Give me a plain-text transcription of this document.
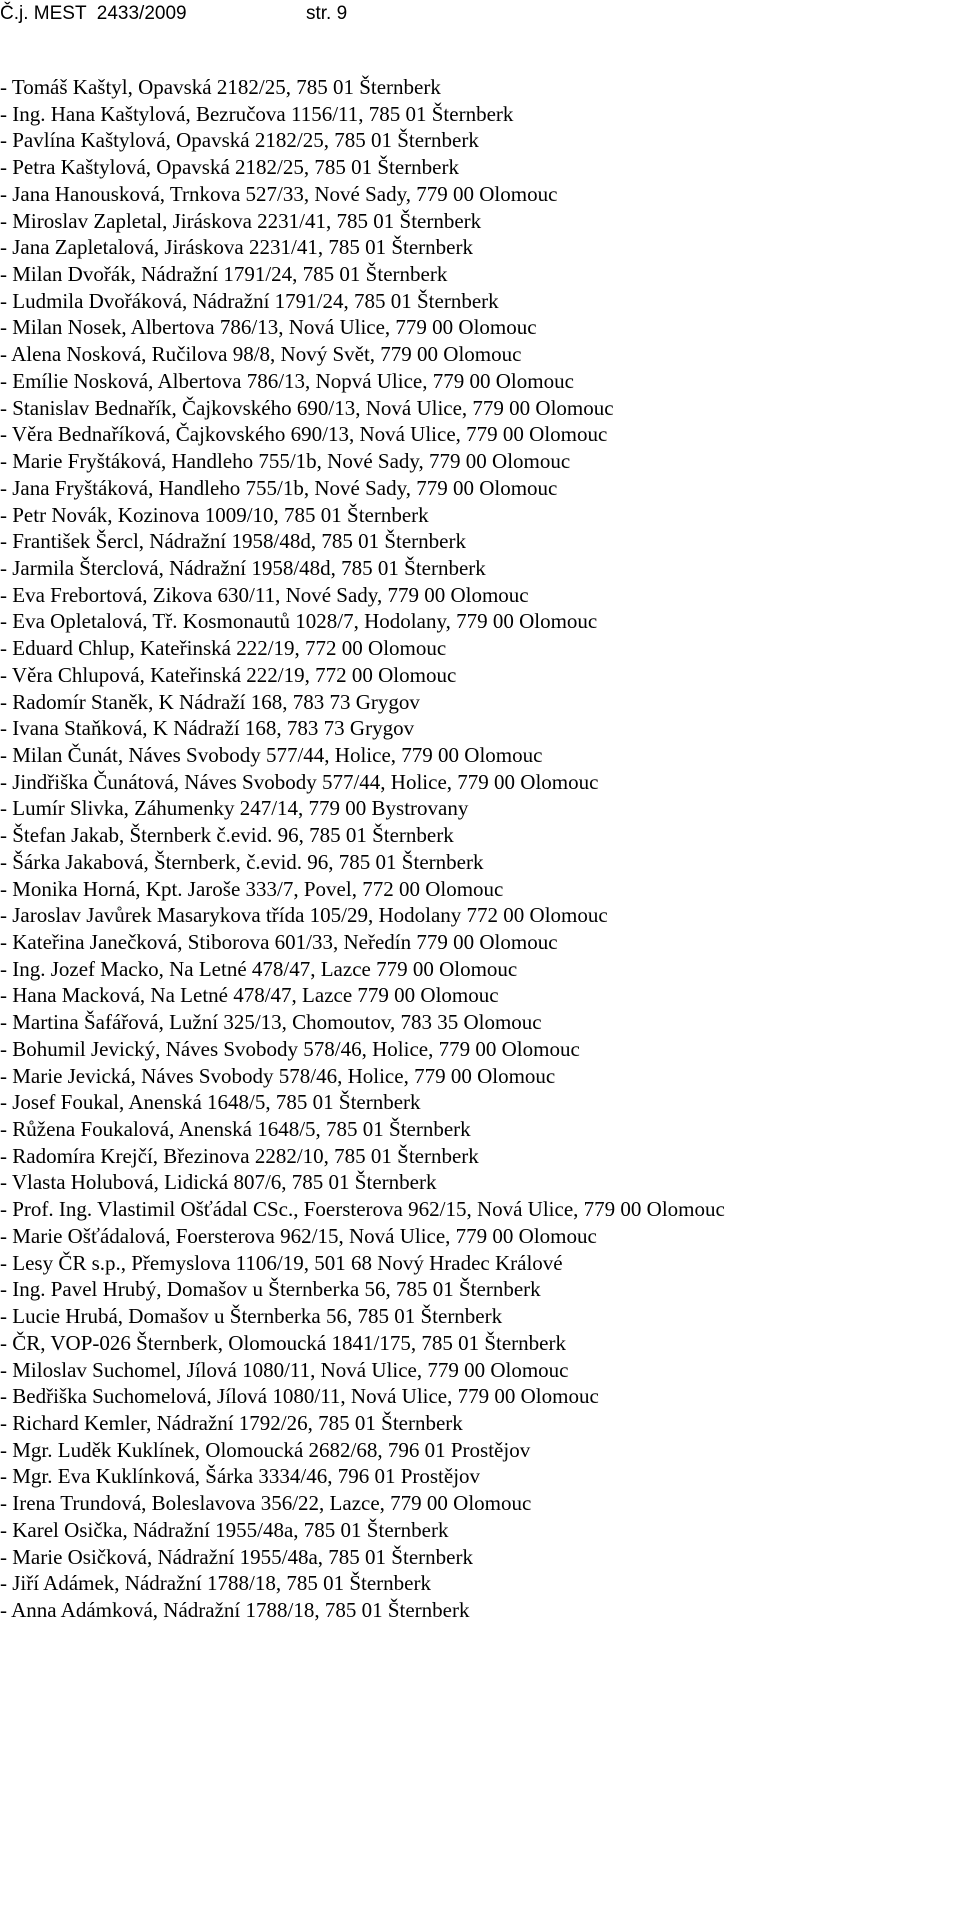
Č.j. MEST  2433/2009	str. 9
- Tomáš Kaštyl, Opavská 2182/25, 785 01 Šternberk
- Ing. Hana Kaštylová, Bezručova 1156/11, 785 01 Šternberk
- Pavlína Kaštylová, Opavská 2182/25, 785 01 Šternberk
- Petra Kaštylová, Opavská 2182/25, 785 01 Šternberk
- Jana Hanousková, Trnkova 527/33, Nové Sady, 779 00 Olomouc
- Miroslav Zapletal, Jiráskova 2231/41, 785 01 Šternberk
- Jana Zapletalová, Jiráskova 2231/41, 785 01 Šternberk
- Milan Dvořák, Nádražní 1791/24, 785 01 Šternberk
- Ludmila Dvořáková, Nádražní 1791/24, 785 01 Šternberk
- Milan Nosek, Albertova 786/13, Nová Ulice, 779 00 Olomouc
- Alena Nosková, Ručilova 98/8, Nový Svět, 779 00 Olomouc
- Emílie Nosková, Albertova 786/13, Nopvá Ulice, 779 00 Olomouc
- Stanislav Bednařík, Čajkovského 690/13, Nová Ulice, 779 00 Olomouc
- Věra Bednaříková, Čajkovského 690/13, Nová Ulice, 779 00 Olomouc
- Marie Fryštáková, Handleho 755/1b, Nové Sady, 779 00 Olomouc
- Jana Fryštáková, Handleho 755/1b, Nové Sady, 779 00 Olomouc
- Petr Novák, Kozinova 1009/10, 785 01 Šternberk
- František Šercl, Nádražní 1958/48d, 785 01 Šternberk
- Jarmila Šterclová, Nádražní 1958/48d, 785 01 Šternberk
- Eva Frebortová, Zikova 630/11, Nové Sady, 779 00 Olomouc
- Eva Opletalová, Tř. Kosmonautů 1028/7, Hodolany, 779 00 Olomouc
- Eduard Chlup, Kateřinská 222/19, 772 00 Olomouc
- Věra Chlupová, Kateřinská 222/19, 772 00 Olomouc
- Radomír Staněk, K Nádraží 168, 783 73 Grygov
- Ivana Staňková, K Nádraží 168, 783 73 Grygov
- Milan Čunát, Náves Svobody 577/44, Holice, 779 00 Olomouc
- Jindřiška Čunátová, Náves Svobody 577/44, Holice, 779 00 Olomouc
- Lumír Slivka, Záhumenky 247/14, 779 00 Bystrovany
- Štefan Jakab, Šternberk č.evid. 96, 785 01 Šternberk
- Šárka Jakabová, Šternberk, č.evid. 96, 785 01 Šternberk
- Monika Horná, Kpt. Jaroše 333/7, Povel, 772 00 Olomouc
- Jaroslav Javůrek Masarykova třída 105/29, Hodolany 772 00 Olomouc
- Kateřina Janečková, Stiborova 601/33, Neředín 779 00 Olomouc
- Ing. Jozef Macko, Na Letné 478/47, Lazce 779 00 Olomouc
- Hana Macková, Na Letné 478/47, Lazce 779 00 Olomouc
- Martina Šafářová, Lužní 325/13, Chomoutov, 783 35 Olomouc
- Bohumil Jevický, Náves Svobody 578/46, Holice, 779 00 Olomouc
- Marie Jevická, Náves Svobody 578/46, Holice, 779 00 Olomouc
- Josef Foukal, Anenská 1648/5, 785 01 Šternberk
- Růžena Foukalová, Anenská 1648/5, 785 01 Šternberk
- Radomíra Krejčí, Březinova 2282/10, 785 01 Šternberk
- Vlasta Holubová, Lidická 807/6, 785 01 Šternberk
- Prof. Ing. Vlastimil Ošťádal CSc., Foersterova 962/15, Nová Ulice, 779 00 Olomouc
- Marie Ošťádalová, Foersterova 962/15, Nová Ulice, 779 00 Olomouc
- Lesy ČR s.p., Přemyslova 1106/19, 501 68 Nový Hradec Králové
- Ing. Pavel Hrubý, Domašov u Šternberka 56, 785 01 Šternberk
- Lucie Hrubá, Domašov u Šternberka 56, 785 01 Šternberk
- ČR, VOP-026 Šternberk, Olomoucká 1841/175, 785 01 Šternberk
- Miloslav Suchomel, Jílová 1080/11, Nová Ulice, 779 00 Olomouc
- Bedřiška Suchomelová, Jílová 1080/11, Nová Ulice, 779 00 Olomouc
- Richard Kemler, Nádražní 1792/26, 785 01 Šternberk
- Mgr. Luděk Kuklínek, Olomoucká 2682/68, 796 01 Prostějov
- Mgr. Eva Kuklínková, Šárka 3334/46, 796 01 Prostějov
- Irena Trundová, Boleslavova 356/22, Lazce, 779 00 Olomouc
- Karel Osička, Nádražní 1955/48a, 785 01 Šternberk
- Marie Osičková, Nádražní 1955/48a, 785 01 Šternberk
- Jiří Adámek, Nádražní 1788/18, 785 01 Šternberk
- Anna Adámková, Nádražní 1788/18, 785 01 Šternberk
